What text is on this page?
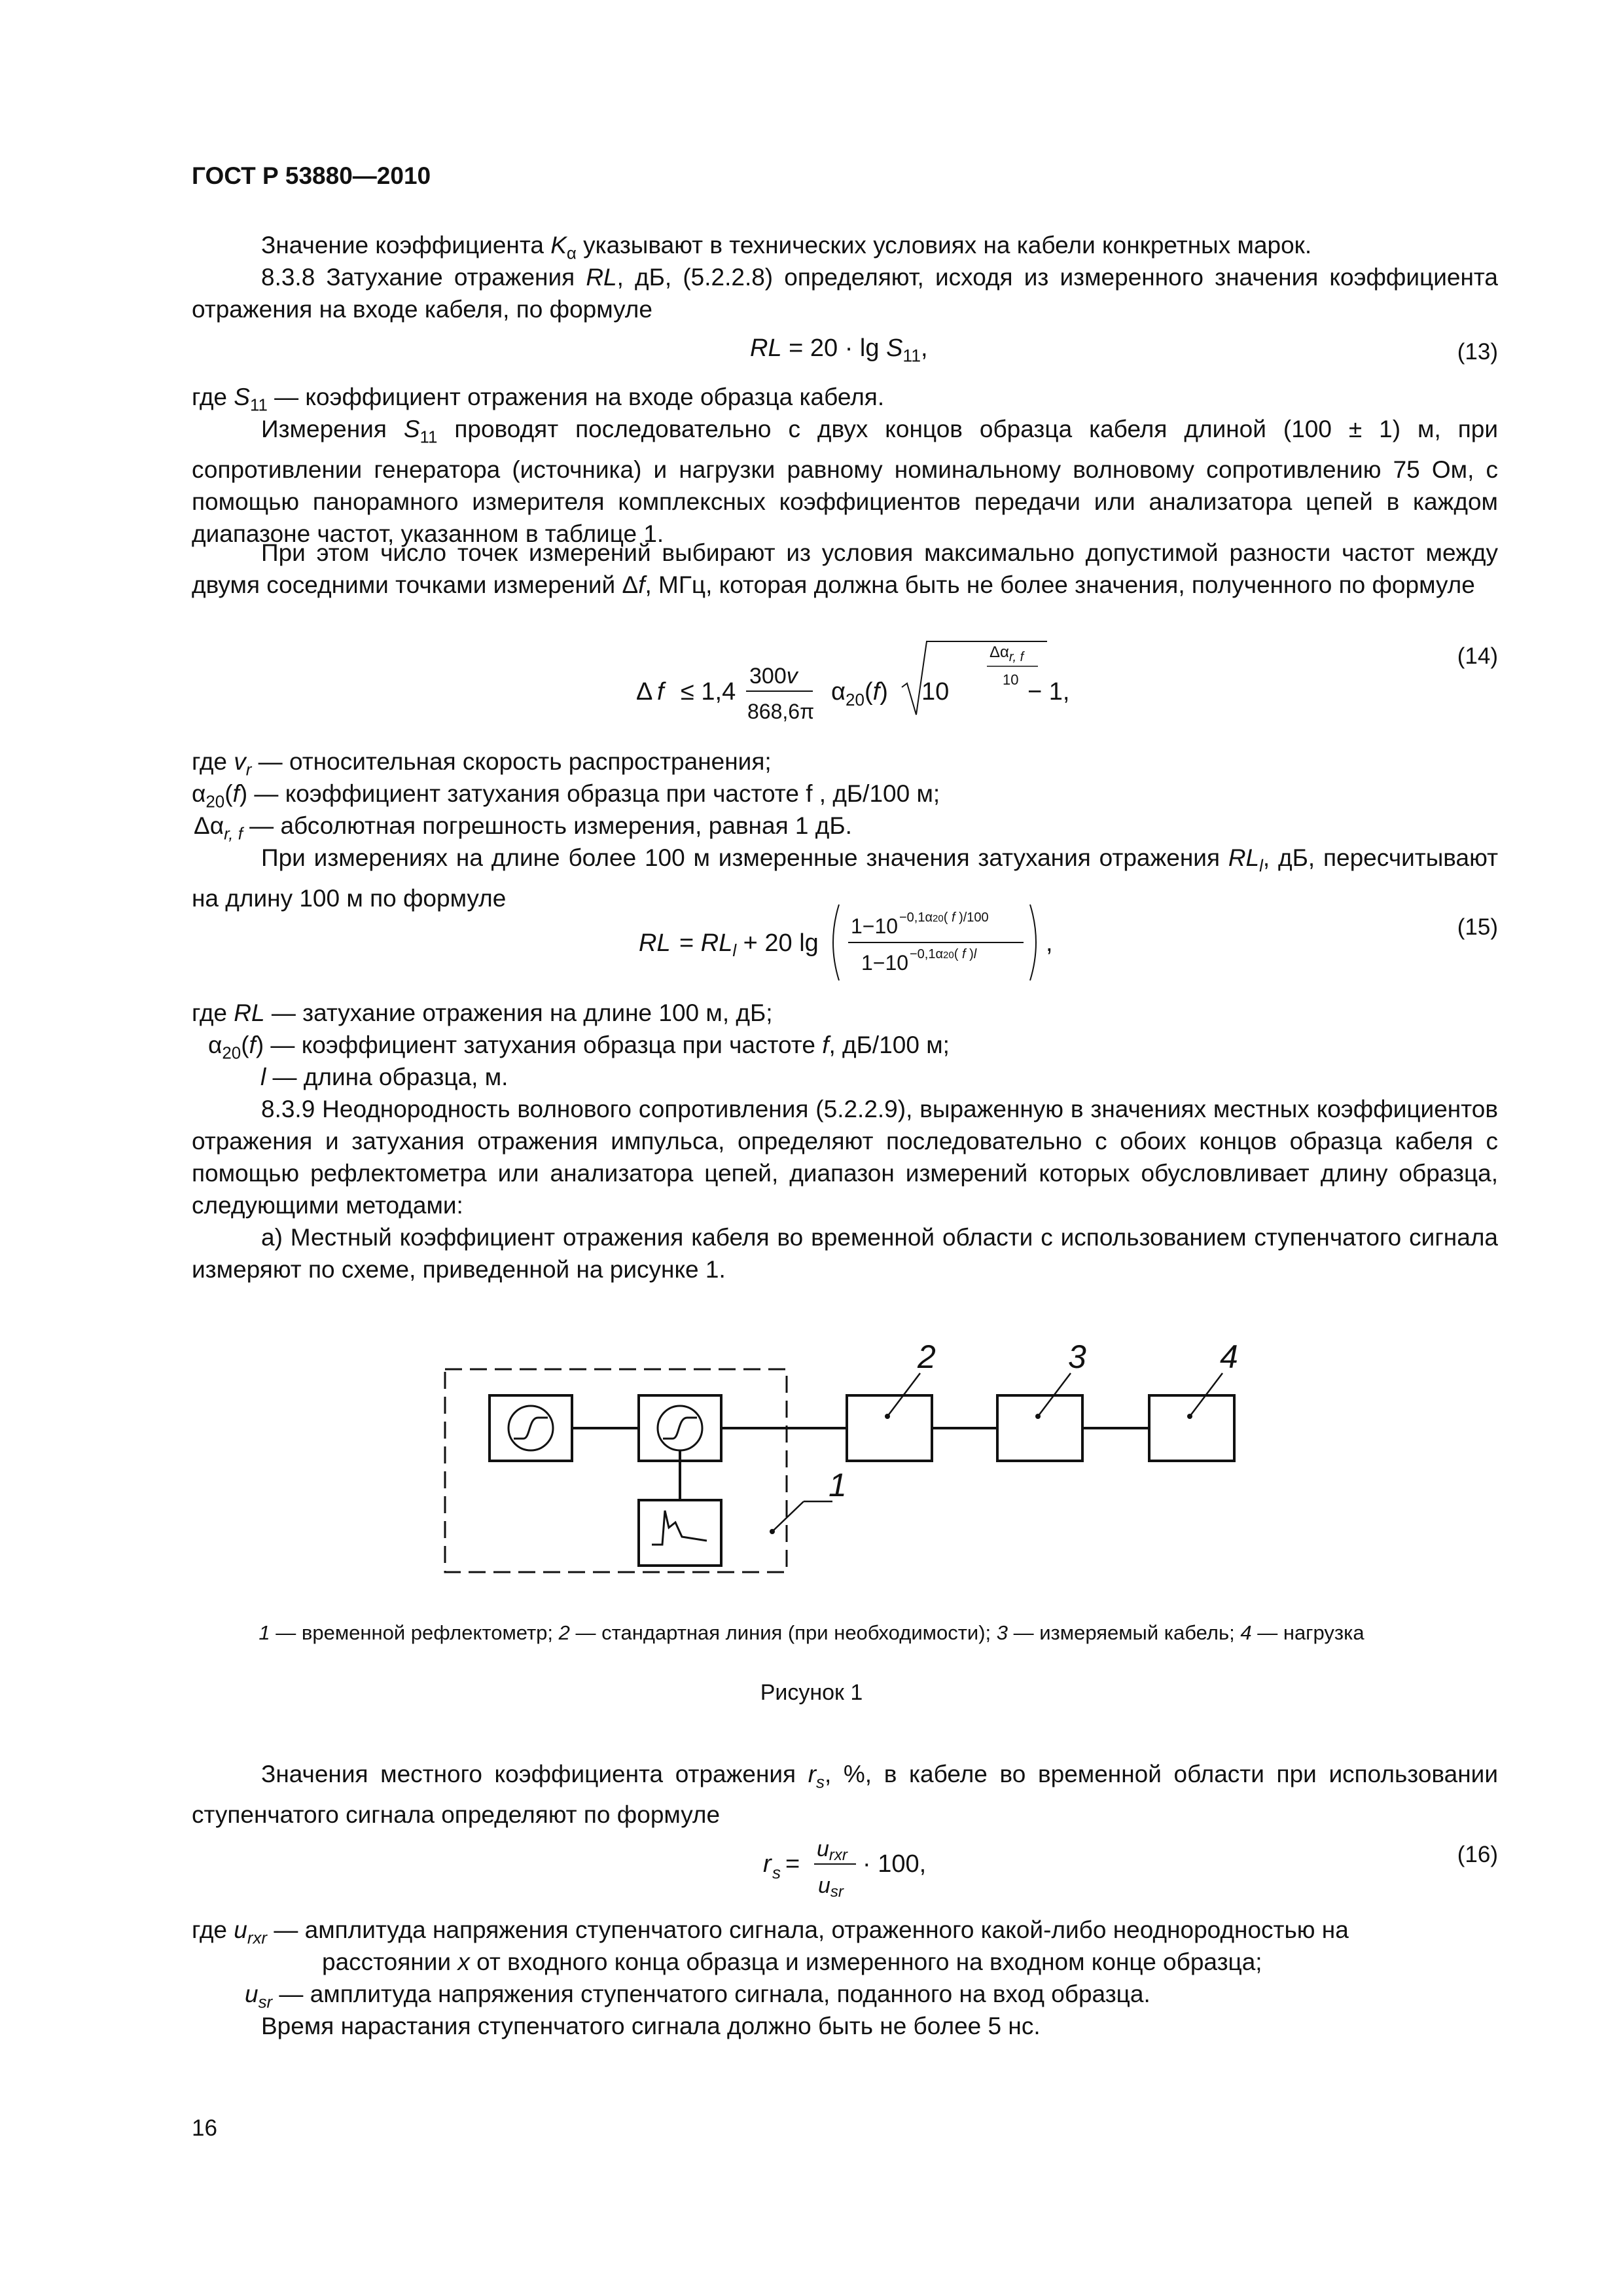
ГОСТ Р 53880—2010
Значение коэффициента $K_\alpha$ указывают в технических условиях на кабели конкретных марок.
8.3.8 Затухание отражения RL, дБ, (5.2.2.8) определяют, исходя из измеренного значения коэффициента отражения на входе кабеля, по формуле
RL = $20 \cdot \lg S_{11}$,	(13)
где $S_{11}$ — коэффициент отражения на входе образца кабеля.
Измерения $S_{11}$ проводят последовательно с двух концов образца кабеля длиной (100 ± 1) м, при сопротивлении генератора (источника) и нагрузки равному номинальному волновому сопротивлению 75 Ом, с помощью панорамного измерителя комплексных коэффициентов передачи или анализатора цепей в каждом диапазоне частот, указанном в таблице 1.
При этом число точек измерений выбирают из условия максимально допустимой разности частот между двумя соседними точками измерений Δf, МГц, которая должна быть не более значения, полученного по формуле
Δ f ≤ 1,4
300v
868,6π
α 20 (f) 10
$\Delta\alpha_{r, f}$
10 − 1,
(14)
где $v_r$ — относительная скорость распространения;
$\alpha_{20}(f)$ — коэффициент затухания образца при частоте f , дБ/100 м;
$\Delta\alpha_{r, f}$ — абсолютная погрешность измерения, равная 1 дБ.
При измерениях на длине более 100 м измеренные значения затухания отражения $RL_l$, дБ, пересчитывают на длину 100 м по формуле
RL = $RL_l + 20$ lg
1−10 −0,1α20( f )/100
1−10 −0,1α20( f )l	,
(15)
где RL — затухание отражения на длине 100 м, дБ;
$\alpha_{20}(f)$ — коэффициент затухания образца при частоте f, дБ/100 м;
l — длина образца, м.
8.3.9 Неоднородность волнового сопротивления (5.2.2.9), выраженную в значениях местных коэффициентов отражения и затухания отражения импульса, определяют последовательно с обоих концов образца кабеля с помощью рефлектометра или анализатора цепей, диапазон измерений которых обусловливает длину образца, следующими методами:
а) Местный коэффициент отражения кабеля во временной области с использованием ступенчатого сигнала измеряют по схеме, приведенной на рисунке 1.
2	3	4
1
1 — временной рефлектометр; 2 — стандартная линия (при необходимости); 3 — измеряемый кабель; 4 — нагрузка
Рисунок 1
Значения местного коэффициента отражения $r_s$, %, в кабеле во временной области при использовании ступенчатого сигнала определяют по формуле
r s =
urxr
usr
· 100,	(16)
где $u_{rxr}$ — амплитуда напряжения ступенчатого сигнала, отраженного какой-либо неоднородностью на
расстоянии x от входного конца образца и измеренного на входном конце образца;
$u_{sr}$ — амплитуда напряжения ступенчатого сигнала, поданного на вход образца.
Время нарастания ступенчатого сигнала должно быть не более 5 нс.
16
